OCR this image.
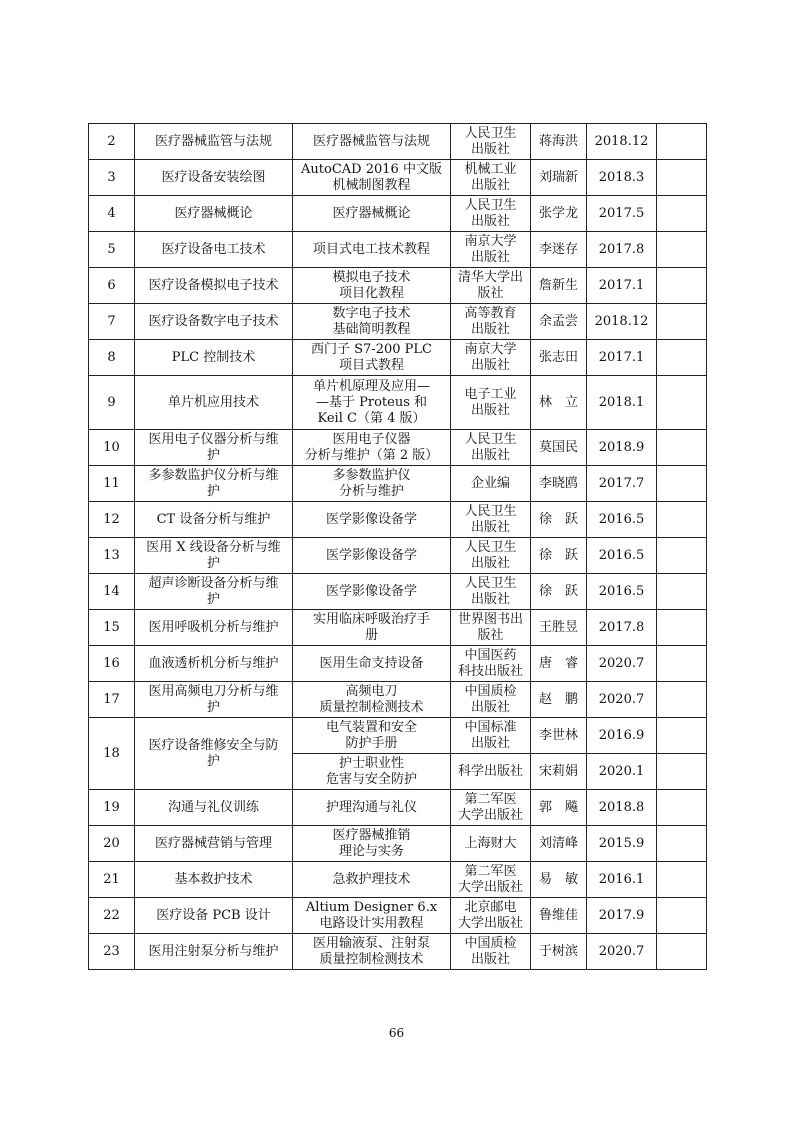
2	医疗器械监管与法规	医疗器械监管与法规	人民卫生
出版社	蒋海洪	2018.12	
3	医疗设备安装绘图	AutoCAD 2016 中文版
机械制图教程	机械工业
出版社	刘瑞新	2018.3	
4	医疗器械概论	医疗器械概论	人民卫生
出版社	张学龙	2017.5	
5	医疗设备电工技术	项目式电工技术教程	南京大学
出版社	李迷存	2017.8	
6	医疗设备模拟电子技术	模拟电子技术
项目化教程	清华大学出
版社	詹新生	2017.1	
7	医疗设备数字电子技术	数字电子技术
基础简明教程	高等教育
出版社	余孟尝	2018.12	
8	PLC 控制技术	西门子 S7-200 PLC
项目式教程	南京大学
出版社	张志田	2017.1	
9	单片机应用技术	单片机原理及应用—
—基于 Proteus 和
Keil C（第 4 版）	电子工业
出版社	林　立	2018.1	
10	医用电子仪器分析与维
护	医用电子仪器
分析与维护（第 2 版）	人民卫生
出版社	莫国民	2018.9	
11	多参数监护仪分析与维
护	多参数监护仪
分析与维护	企业编	李晓鸥	2017.7	
12	CT 设备分析与维护	医学影像设备学	人民卫生
出版社	徐　跃	2016.5	
13	医用 X 线设备分析与维
护	医学影像设备学	人民卫生
出版社	徐　跃	2016.5	
14	超声诊断设备分析与维
护	医学影像设备学	人民卫生
出版社	徐　跃	2016.5	
15	医用呼吸机分析与维护	实用临床呼吸治疗手
册	世界图书出
版社	王胜昱	2017.8	
16	血液透析机分析与维护	医用生命支持设备	中国医药
科技出版社	唐　睿	2020.7	
17	医用高频电刀分析与维
护	高频电刀
质量控制检测技术	中国质检
出版社	赵　鹏	2020.7	
18	医疗设备维修安全与防
护	电气装置和安全
防护手册	中国标准
出版社	李世林	2016.9	
		护士职业性
危害与安全防护	科学出版社	宋莉娟	2020.1	
19	沟通与礼仪训练	护理沟通与礼仪	第二军医
大学出版社	郭　飚	2018.8	
20	医疗器械营销与管理	医疗器械推销
理论与实务	上海财大	刘清峰	2015.9	
21	基本救护技术	急救护理技术	第二军医
大学出版社	易　敏	2016.1	
22	医疗设备 PCB 设计	Altium Designer 6.x
电路设计实用教程	北京邮电
大学出版社	鲁维佳	2017.9	
23	医用注射泵分析与维护	医用输液泵、注射泵
质量控制检测技术	中国质检
出版社	于树滨	2020.7	
66
